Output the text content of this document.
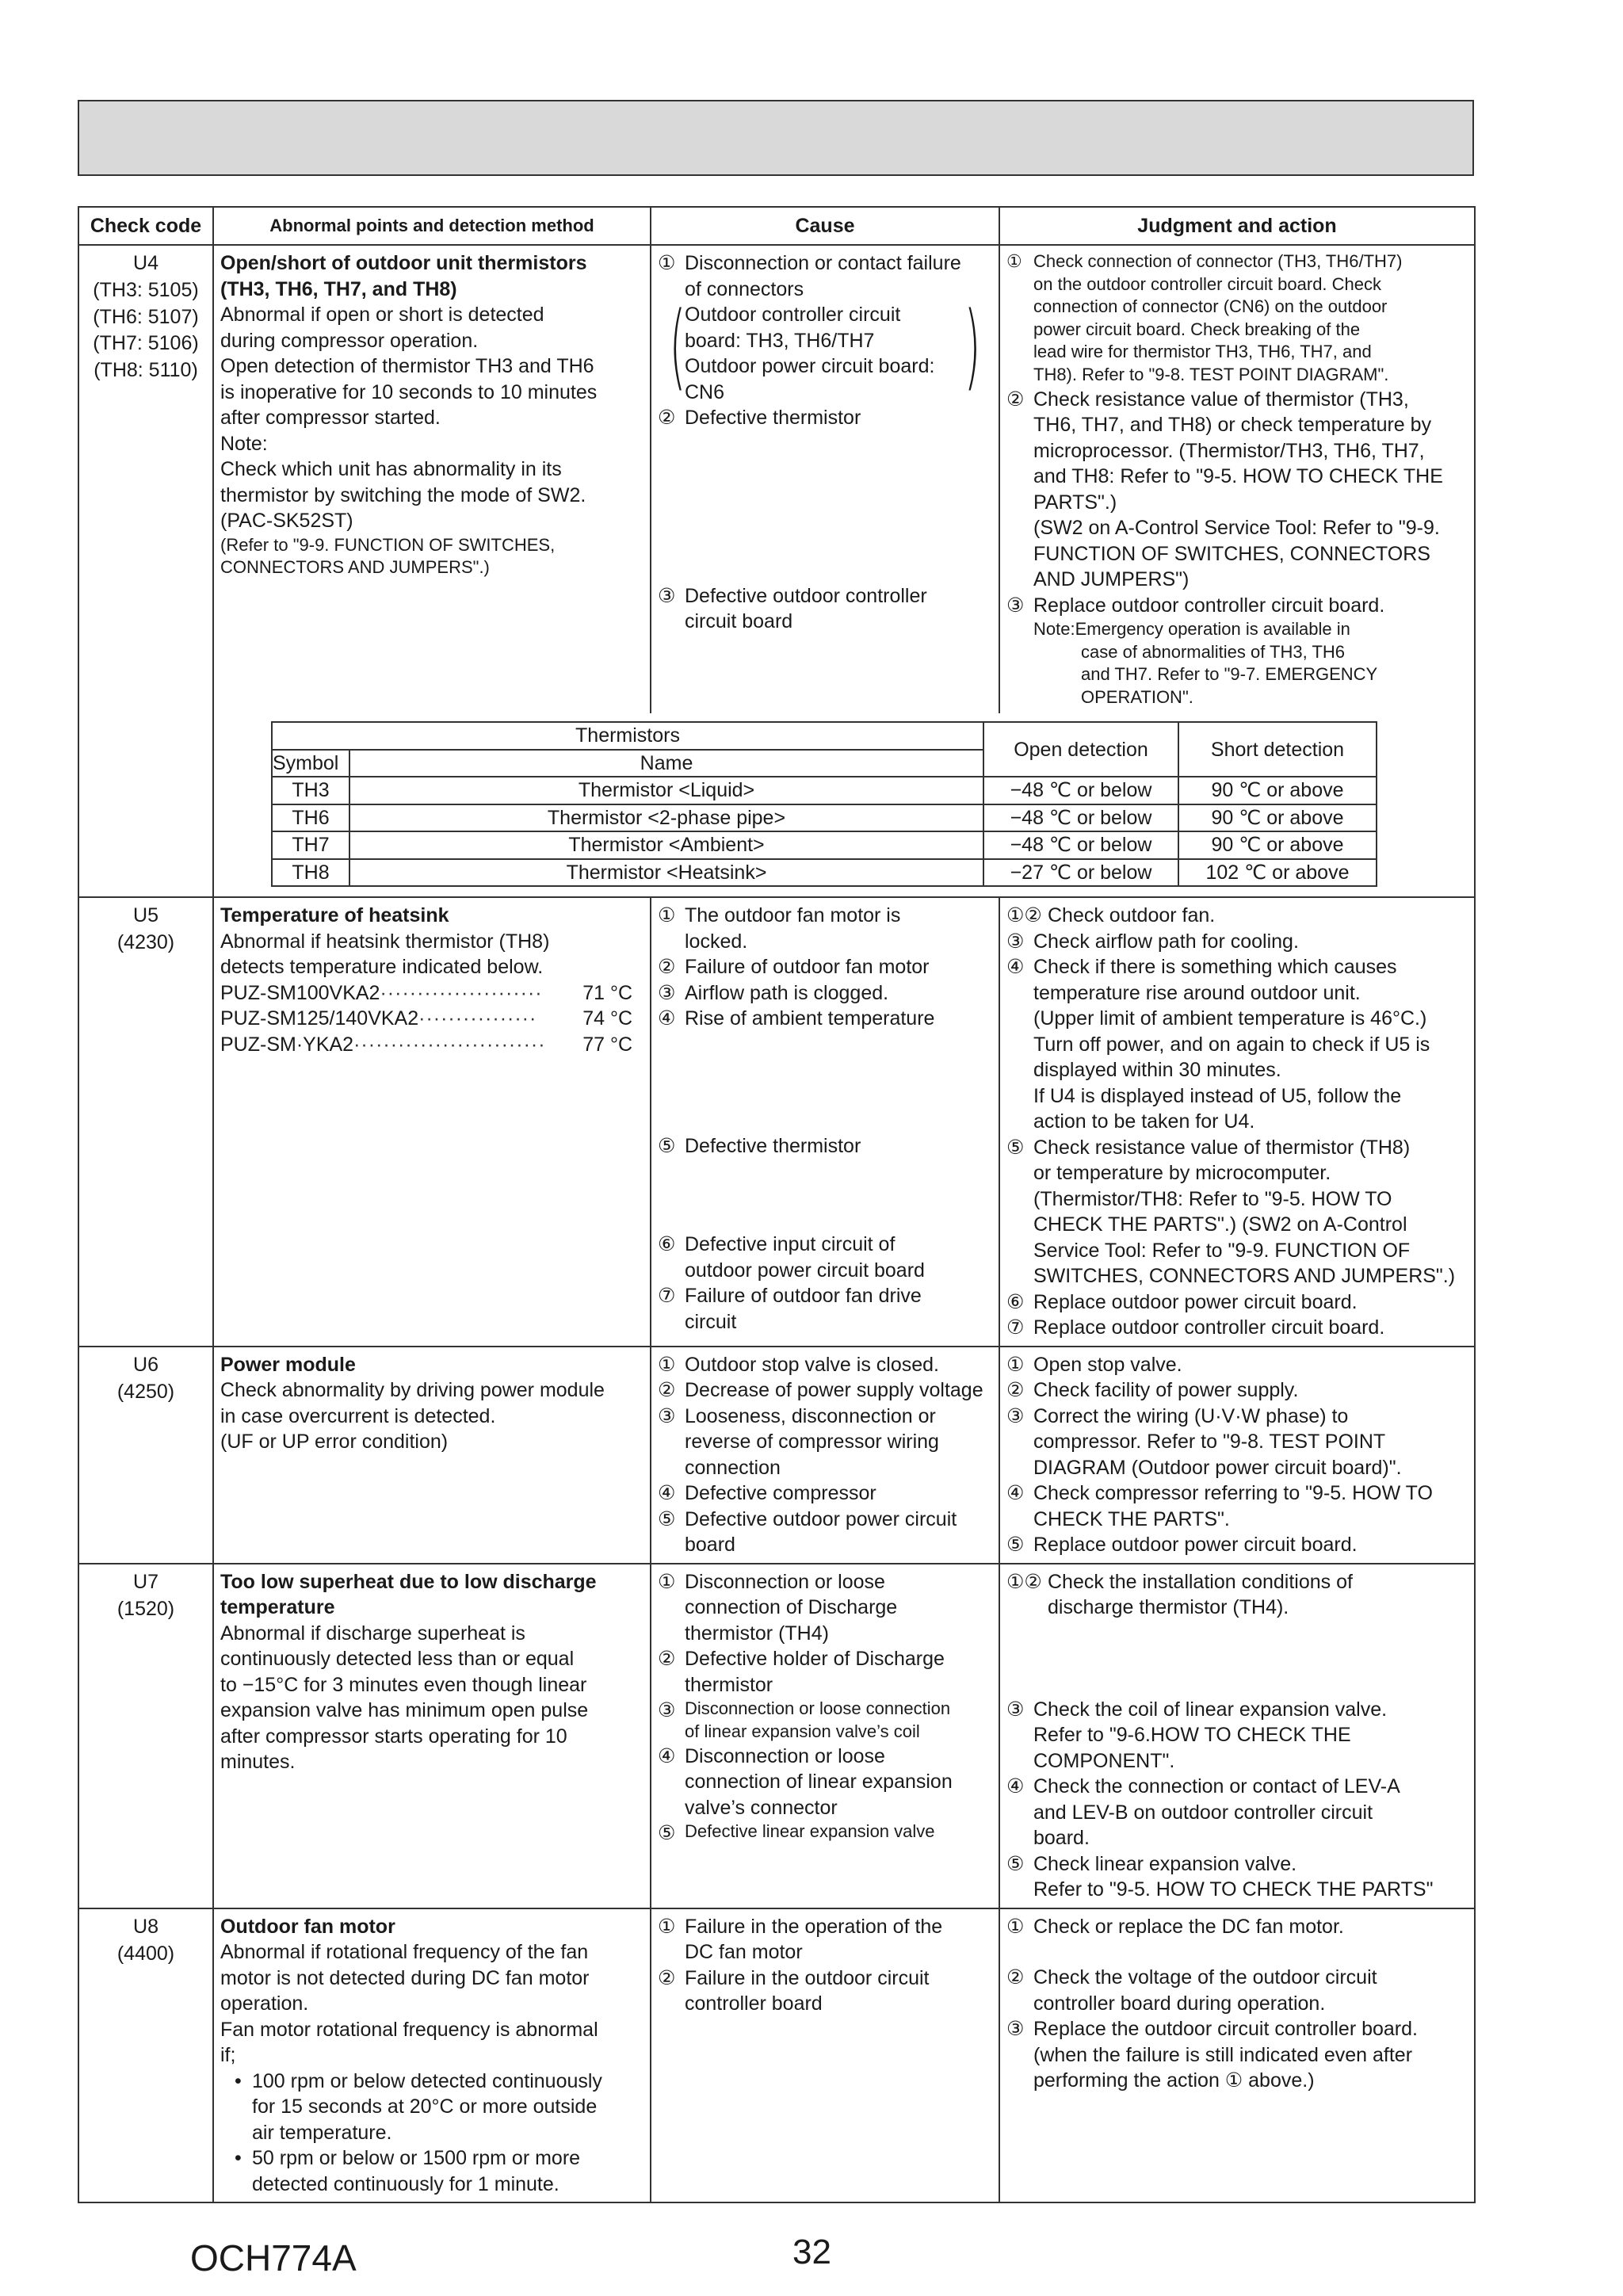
Check code	Abnormal points and detection method	Cause	Judgment and action

U4
(TH3: 5105)
(TH6: 5107)
(TH7: 5106)
(TH8: 5110)

Open/short of outdoor unit thermistors
(TH3, TH6, TH7, and TH8)
Abnormal if open or short is detected
during compressor operation.
Open detection of thermistor TH3 and TH6
is inoperative for 10 seconds to 10 minutes
after compressor started.
Note:
Check which unit has abnormality in its
thermistor by switching the mode of SW2.
(PAC-SK52ST)
(Refer to "9-9. FUNCTION OF SWITCHES,
CONNECTORS AND JUMPERS".)

① Disconnection or contact failure
of connectors
(	)
Outdoor controller circuit
board: TH3, TH6/TH7
Outdoor power circuit board:
CN6
② Defective thermistor
③ Defective outdoor controller
circuit board

① Check connection of connector (TH3, TH6/TH7)
on the outdoor controller circuit board. Check
connection of connector (CN6) on the outdoor
power circuit board. Check breaking of the
lead wire for thermistor TH3, TH6, TH7, and
TH8). Refer to "9-8. TEST POINT DIAGRAM".
② Check resistance value of thermistor (TH3,
TH6, TH7, and TH8) or check temperature by
microprocessor. (Thermistor/TH3, TH6, TH7,
and TH8: Refer to "9-5. HOW TO CHECK THE
PARTS".)
(SW2 on A-Control Service Tool: Refer to "9-9.
FUNCTION OF SWITCHES, CONNECTORS
AND JUMPERS")
③ Replace outdoor controller circuit board.
Note:Emergency operation is available in
case of abnormalities of TH3, TH6
and TH7. Refer to "9-7. EMERGENCY
OPERATION".

Thermistors	Open detection	Short detection
Symbol	Name
TH3	Thermistor <Liquid>	−48 ℃ or below	90 ℃ or above
TH6	Thermistor <2-phase pipe>	−48 ℃ or below	90 ℃ or above
TH7	Thermistor <Ambient>	−48 ℃ or below	90 ℃ or above
TH8	Thermistor <Heatsink>	−27 ℃ or below	102 ℃ or above

U5
(4230)

Temperature of heatsink
Abnormal if heatsink thermistor (TH8)
detects temperature indicated below.
PUZ-SM100VKA2 ······················	71 °C
PUZ-SM125/140VKA2 ················	74 °C
PUZ-SM·YKA2 ··························	77 °C

① The outdoor fan motor is
locked.
② Failure of outdoor fan motor
③ Airflow path is clogged.
④ Rise of ambient temperature
⑤ Defective thermistor
⑥ Defective input circuit of
outdoor power circuit board
⑦ Failure of outdoor fan drive
circuit

①② Check outdoor fan.
③ Check airflow path for cooling.
④ Check if there is something which causes
temperature rise around outdoor unit.
(Upper limit of ambient temperature is 46°C.)
Turn off power, and on again to check if U5 is
displayed within 30 minutes.
If U4 is displayed instead of U5, follow the
action to be taken for U4.
⑤ Check resistance value of thermistor (TH8)
or temperature by microcomputer.
(Thermistor/TH8: Refer to "9-5. HOW TO
CHECK THE PARTS".) (SW2 on A-Control
Service Tool: Refer to "9-9. FUNCTION OF
SWITCHES, CONNECTORS AND JUMPERS".)
⑥ Replace outdoor power circuit board.
⑦ Replace outdoor controller circuit board.

U6
(4250)

Power module
Check abnormality by driving power module
in case overcurrent is detected.
(UF or UP error condition)

① Outdoor stop valve is closed.
② Decrease of power supply voltage
③ Looseness, disconnection or
reverse of compressor wiring
connection
④ Defective compressor
⑤ Defective outdoor power circuit
board

① Open stop valve.
② Check facility of power supply.
③ Correct the wiring (U·V·W phase) to
compressor. Refer to "9-8. TEST POINT
DIAGRAM (Outdoor power circuit board)".
④ Check compressor referring to "9-5. HOW TO
CHECK THE PARTS".
⑤ Replace outdoor power circuit board.

U7
(1520)

Too low superheat due to low discharge
temperature
Abnormal if discharge superheat is
continuously detected less than or equal
to −15°C for 3 minutes even though linear
expansion valve has minimum open pulse
after compressor starts operating for 10
minutes.

① Disconnection or loose
connection of Discharge
thermistor (TH4)
② Defective holder of Discharge
thermistor
③ Disconnection or loose connection
of linear expansion valve’s coil
④ Disconnection or loose
connection of linear expansion
valve’s connector
⑤ Defective linear expansion valve

①② Check the installation conditions of
discharge thermistor (TH4).
③ Check the coil of linear expansion valve.
Refer to "9-6.HOW TO CHECK THE COMPONENT".
④ Check the connection or contact of LEV-A
and LEV-B on outdoor controller circuit
board.
⑤ Check linear expansion valve.
Refer to "9-5. HOW TO CHECK THE PARTS"

U8
(4400)

Outdoor fan motor
Abnormal if rotational frequency of the fan
motor is not detected during DC fan motor
operation.
Fan motor rotational frequency is abnormal
if;
• 100 rpm or below detected continuously
for 15 seconds at 20°C or more outside
air temperature.
• 50 rpm or below or 1500 rpm or more
detected continuously for 1 minute.

① Failure in the operation of the
DC fan motor
② Failure in the outdoor circuit
controller board

① Check or replace the DC fan motor.
② Check the voltage of the outdoor circuit
controller board during operation.
③ Replace the outdoor circuit controller board.
(when the failure is still indicated even after
performing the action ① above.)
OCH774A	32
